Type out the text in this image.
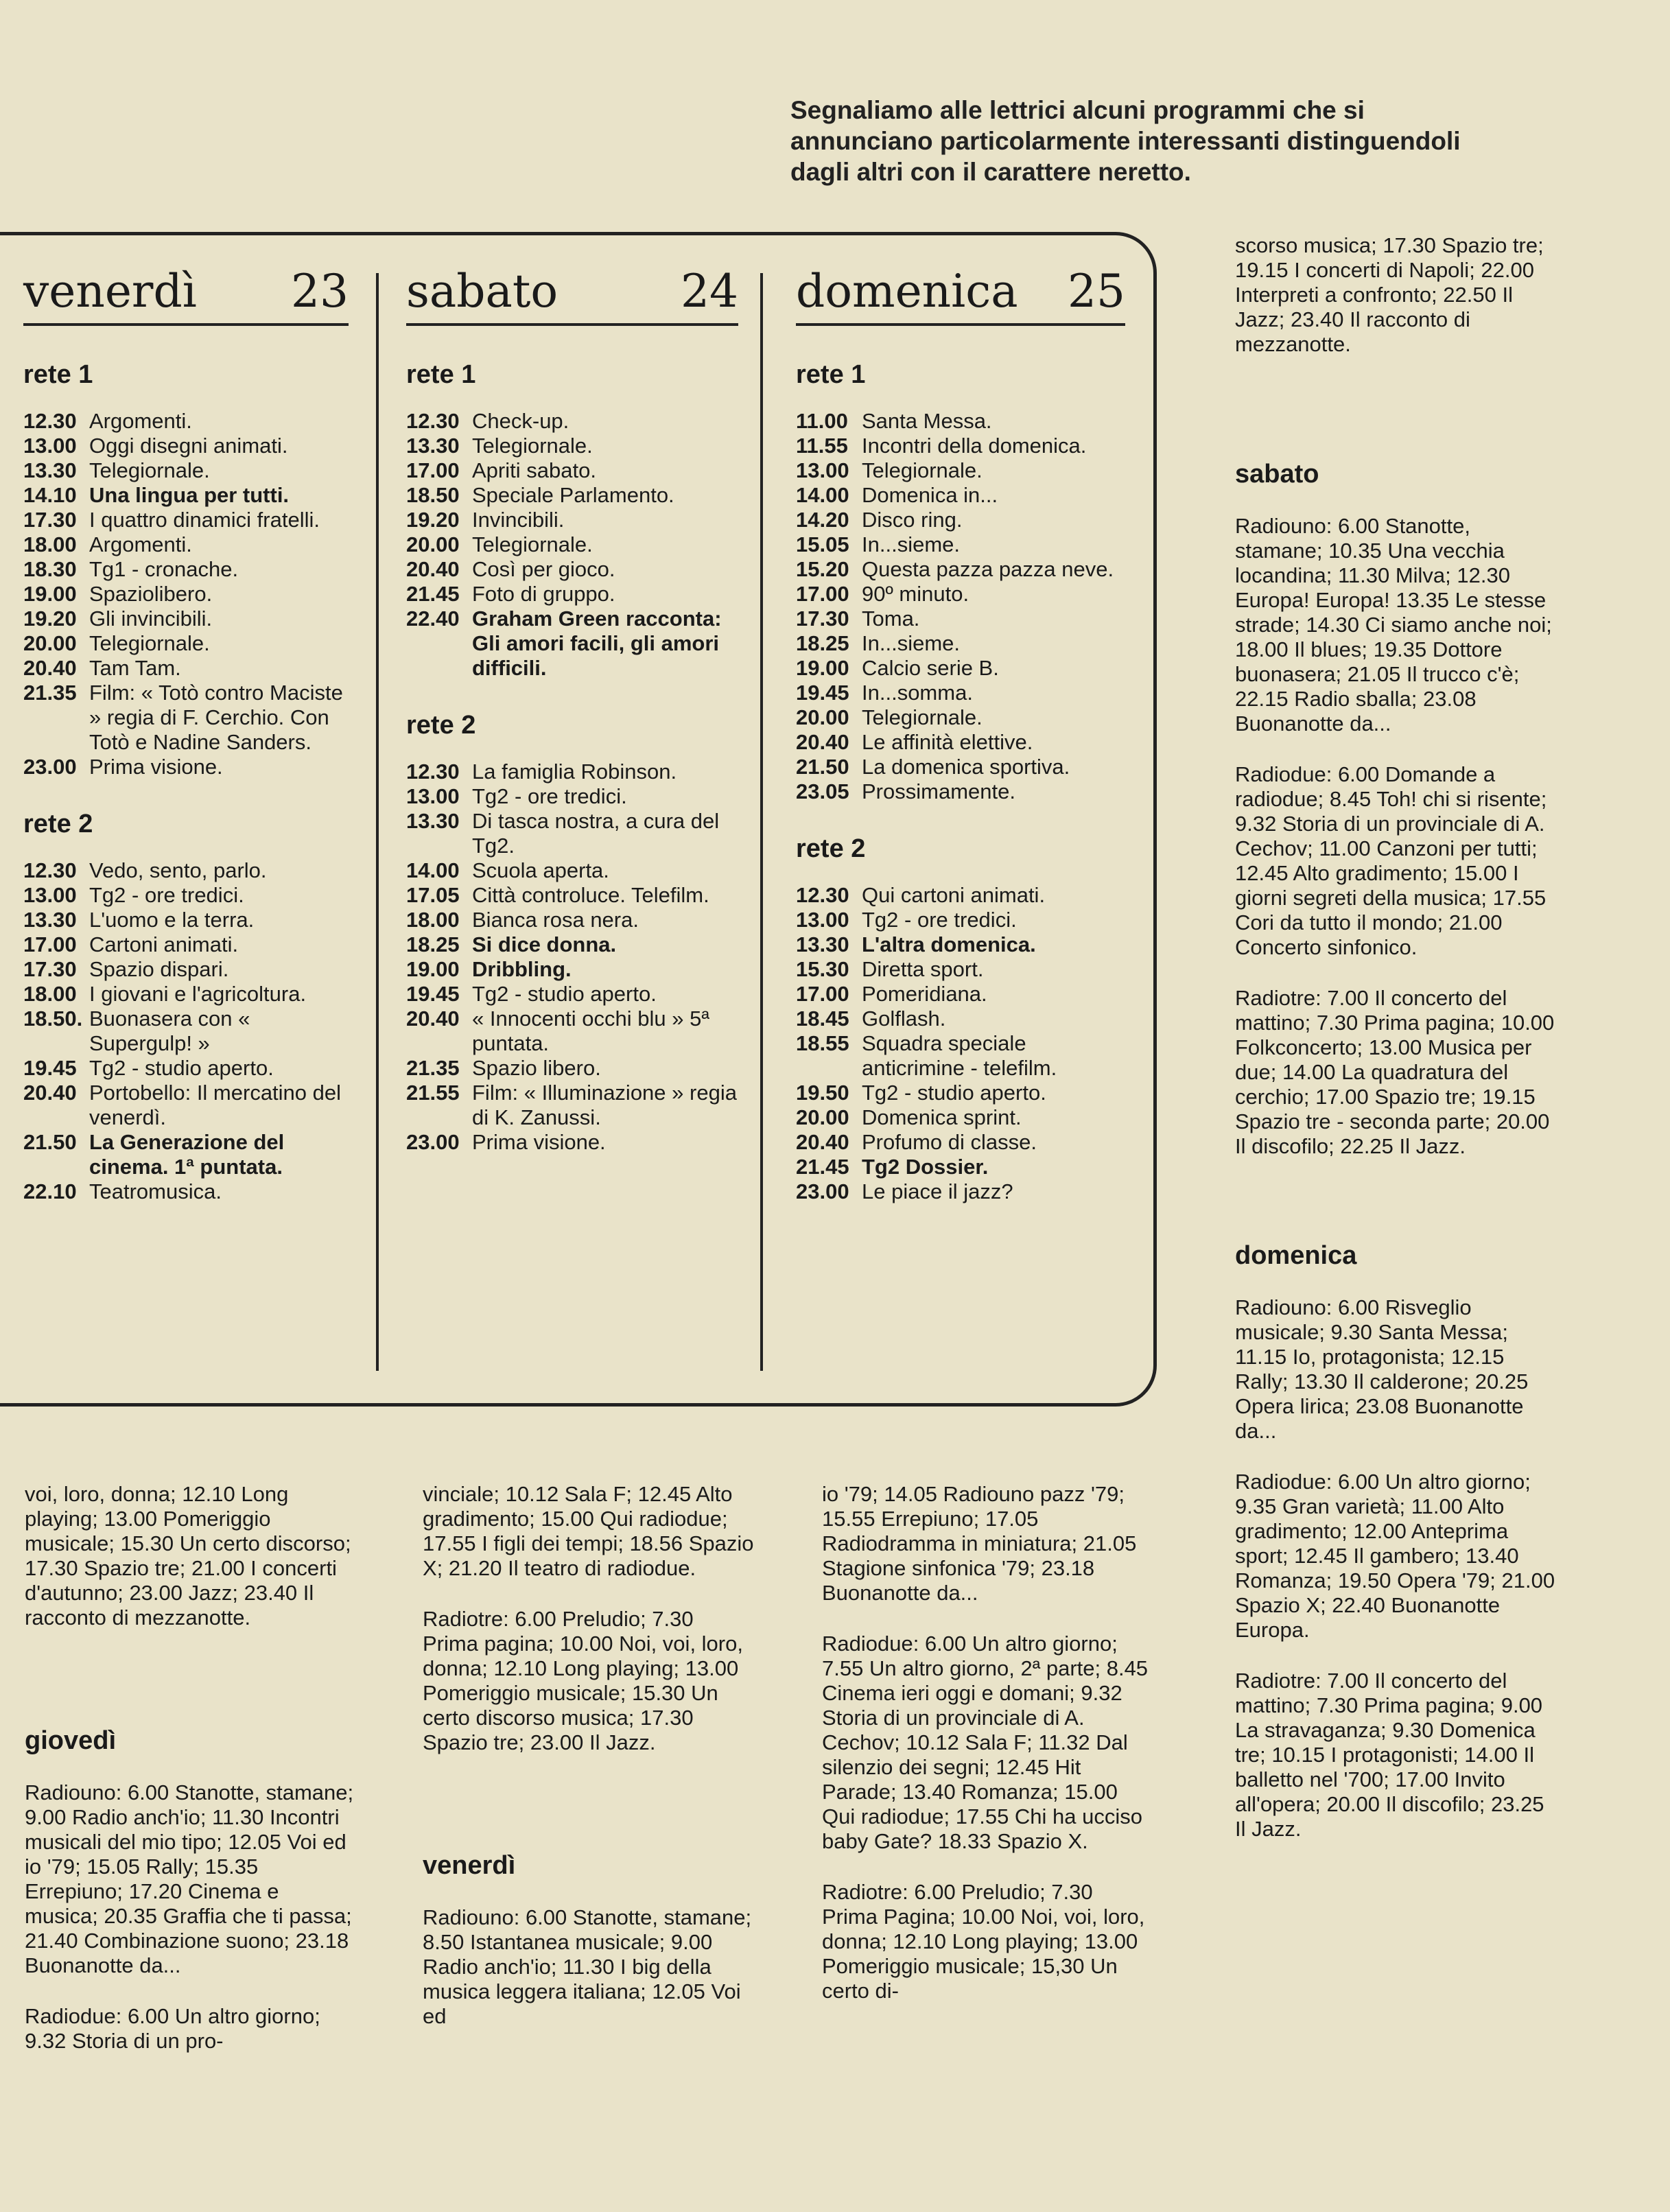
Segnaliamo alle lettrici alcuni programmi che si annunciano particolarmente interessanti distinguendoli dagli altri con il carattere neretto.
venerdì 23
rete 1
12.30 Argomenti.
13.00 Oggi disegni animati.
13.30 Telegiornale.
14.10 Una lingua per tutti.
17.30 I quattro dinamici fratelli.
18.00 Argomenti.
18.30 Tg1 - cronache.
19.00 Spaziolibero.
19.20 Gli invincibili.
20.00 Telegiornale.
20.40 Tam Tam.
21.35 Film: « Totò contro Maciste » regia di F. Cerchio. Con Totò e Nadine Sanders.
23.00 Prima visione.
rete 2
12.30 Vedo, sento, parlo.
13.00 Tg2 - ore tredici.
13.30 L'uomo e la terra.
17.00 Cartoni animati.
17.30 Spazio dispari.
18.00 I giovani e l'agricoltura.
18.50. Buonasera con « Supergulp! »
19.45 Tg2 - studio aperto.
20.40 Portobello: Il mercatino del venerdì.
21.50 La Generazione del cinema. 1ª puntata.
22.10 Teatromusica.
sabato	24
rete 1
12.30 Check-up.
13.30 Telegiornale.
17.00 Apriti sabato.
18.50 Speciale Parlamento.
19.20 Invincibili.
20.00 Telegiornale.
20.40 Così per gioco.
21.45 Foto di gruppo.
22.40 Graham Green racconta: Gli amori facili, gli amori difficili.
rete 2
12.30 La famiglia Robinson.
13.00 Tg2 - ore tredici.
13.30 Di tasca nostra, a cura del Tg2.
14.00 Scuola aperta.
17.05 Città controluce. Telefilm.
18.00 Bianca rosa nera.
18.25 Si dice donna.
19.00 Dribbling.
19.45 Tg2 - studio aperto.
20.40 « Innocenti occhi blu » 5ª puntata.
21.35 Spazio libero.
21.55 Film: « Illuminazione » regia di K. Zanussi.
23.00 Prima visione.
domenica 25
rete 1
11.00 Santa Messa.
11.55 Incontri della domenica.
13.00 Telegiornale.
14.00 Domenica in...
14.20 Disco ring.
15.05 In...sieme.
15.20 Questa pazza pazza neve.
17.00 90º minuto.
17.30 Toma.
18.25 In...sieme.
19.00 Calcio serie B.
19.45 In...somma.
20.00 Telegiornale.
20.40 Le affinità elettive.
21.50 La domenica sportiva.
23.05 Prossimamente.
rete 2
12.30 Qui cartoni animati.
13.00 Tg2 - ore tredici.
13.30 L'altra domenica.
15.30 Diretta sport.
17.00 Pomeridiana.
18.45 Golflash.
18.55 Squadra speciale anticrimine - telefilm.
19.50 Tg2 - studio aperto.
20.00 Domenica sprint.
20.40 Profumo di classe.
21.45 Tg2 Dossier.
23.00 Le piace il jazz?

scorso musica; 17.30 Spazio tre; 19.15 I concerti di Napoli; 22.00 Interpreti a confronto; 22.50 Il Jazz; 23.40 Il racconto di mezzanotte.

sabato

Radiouno: 6.00 Stanotte, stamane; 10.35 Una vecchia locandina; 11.30 Milva; 12.30 Europa! Europa! 13.35 Le stesse strade; 14.30 Ci siamo anche noi; 18.00 Il blues; 19.35 Dottore buonasera; 21.05 Il trucco c'è; 22.15 Radio sballa; 23.08 Buonanotte da...

Radiodue: 6.00 Domande a radiodue; 8.45 Toh! chi si risente; 9.32 Storia di un provinciale di A. Cechov; 11.00 Canzoni per tutti; 12.45 Alto gradimento; 15.00 I giorni segreti della musica; 17.55 Cori da tutto il mondo; 21.00 Concerto sinfonico.

Radiotre: 7.00 Il concerto del mattino; 7.30 Prima pagina; 10.00 Folkconcerto; 13.00 Musica per due; 14.00 La quadratura del cerchio; 17.00 Spazio tre; 19.15 Spazio tre - seconda parte; 20.00 Il discofilo; 22.25 Il Jazz.

domenica

Radiouno: 6.00 Risveglio musicale; 9.30 Santa Messa; 11.15 Io, protagonista; 12.15 Rally; 13.30 Il calderone; 20.25 Opera lirica; 23.08 Buonanotte da...

Radiodue: 6.00 Un altro giorno; 9.35 Gran varietà; 11.00 Alto gradimento; 12.00 Anteprima sport; 12.45 Il gambero; 13.40 Romanza; 19.50 Opera '79; 21.00 Spazio X; 22.40 Buonanotte Europa.

Radiotre: 7.00 Il concerto del mattino; 7.30 Prima pagina; 9.00 La stravaganza; 9.30 Domenica tre; 10.15 I protagonisti; 14.00 Il balletto nel '700; 17.00 Invito all'opera; 20.00 Il discofilo; 23.25 Il Jazz.

voi, loro, donna; 12.10 Long playing; 13.00 Pomeriggio musicale; 15.30 Un certo discorso; 17.30 Spazio tre; 21.00 I concerti d'autunno; 23.00 Jazz; 23.40 Il racconto di mezzanotte.

giovedì

Radiouno: 6.00 Stanotte, stamane; 9.00 Radio anch'io; 11.30 Incontri musicali del mio tipo; 12.05 Voi ed io '79; 15.05 Rally; 15.35 Errepiuno; 17.20 Cinema e musica; 20.35 Graffia che ti passa; 21.40 Combinazione suono; 23.18 Buonanotte da...

Radiodue: 6.00 Un altro giorno; 9.32 Storia di un pro-

vinciale; 10.12 Sala F; 12.45 Alto gradimento; 15.00 Qui radiodue; 17.55 I figli dei tempi; 18.56 Spazio X; 21.20 Il teatro di radiodue.

Radiotre: 6.00 Preludio; 7.30 Prima pagina; 10.00 Noi, voi, loro, donna; 12.10 Long playing; 13.00 Pomeriggio musicale; 15.30 Un certo discorso musica; 17.30 Spazio tre; 23.00 Il Jazz.

venerdì

Radiouno: 6.00 Stanotte, stamane; 8.50 Istantanea musicale; 9.00 Radio anch'io; 11.30 I big della musica leggera italiana; 12.05 Voi ed

io '79; 14.05 Radiouno pazz '79; 15.55 Errepiuno; 17.05 Radiodramma in miniatura; 21.05 Stagione sinfonica '79; 23.18 Buonanotte da...

Radiodue: 6.00 Un altro giorno; 7.55 Un altro giorno, 2ª parte; 8.45 Cinema ieri oggi e domani; 9.32 Storia di un provinciale di A. Cechov; 10.12 Sala F; 11.32 Dal silenzio dei segni; 12.45 Hit Parade; 13.40 Romanza; 15.00 Qui radiodue; 17.55 Chi ha ucciso baby Gate? 18.33 Spazio X.

Radiotre: 6.00 Preludio; 7.30 Prima Pagina; 10.00 Noi, voi, loro, donna; 12.10 Long playing; 13.00 Pomeriggio musicale; 15,30 Un certo di-
